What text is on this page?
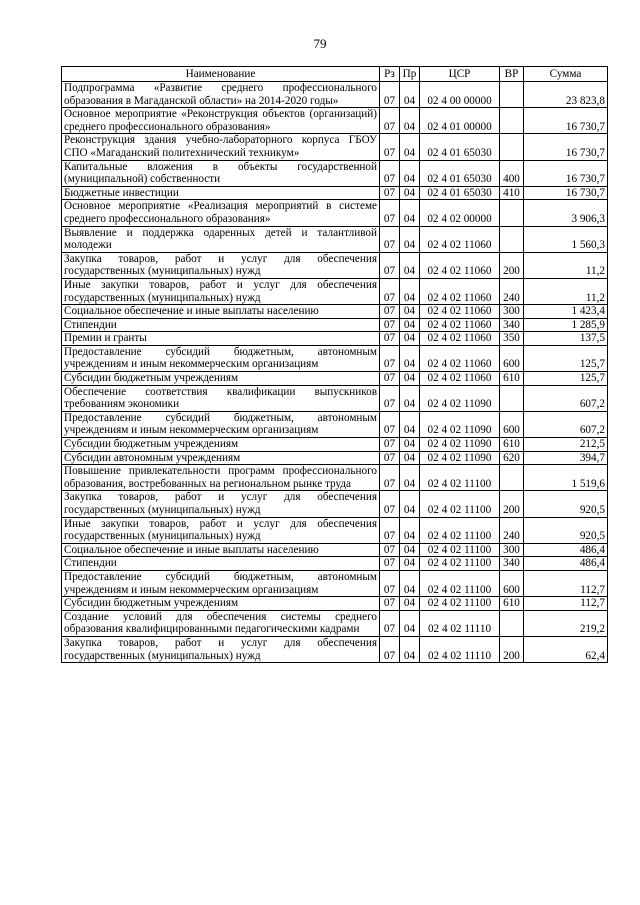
79
Наименование	Рз	Пр	ЦСР	ВР	Сумма
Подпрограмма «Развитие среднего профессионального образования в Магаданской области» на 2014-2020 годы»	07	04	02 4 00 00000		23 823,8
Основное мероприятие «Реконструкция объектов (организаций) среднего профессионального образования»	07	04	02 4 01 00000		16 730,7
Реконструкция здания учебно-лабораторного корпуса ГБОУ СПО «Магаданский политехнический техникум»	07	04	02 4 01 65030		16 730,7
Капитальные вложения в объекты государственной (муниципальной) собственности	07	04	02 4 01 65030	400	16 730,7
Бюджетные инвестиции	07	04	02 4 01 65030	410	16 730,7
Основное мероприятие «Реализация мероприятий в системе среднего профессионального образования»	07	04	02 4 02 00000		3 906,3
Выявление и поддержка одаренных детей и талантливой молодежи	07	04	02 4 02 11060		1 560,3
Закупка товаров, работ и услуг для обеспечения государственных (муниципальных) нужд	07	04	02 4 02 11060	200	11,2
Иные закупки товаров, работ и услуг для обеспечения государственных (муниципальных) нужд	07	04	02 4 02 11060	240	11,2
Социальное обеспечение и иные выплаты населению	07	04	02 4 02 11060	300	1 423,4
Стипендии	07	04	02 4 02 11060	340	1 285,9
Премии и гранты	07	04	02 4 02 11060	350	137,5
Предоставление субсидий бюджетным, автономным учреждениям и иным некоммерческим организациям	07	04	02 4 02 11060	600	125,7
Субсидии бюджетным учреждениям	07	04	02 4 02 11060	610	125,7
Обеспечение соответствия квалификации выпускников требованиям экономики	07	04	02 4 02 11090		607,2
Предоставление субсидий бюджетным, автономным учреждениям и иным некоммерческим организациям	07	04	02 4 02 11090	600	607,2
Субсидии бюджетным учреждениям	07	04	02 4 02 11090	610	212,5
Субсидии автономным учреждениям	07	04	02 4 02 11090	620	394,7
Повышение привлекательности программ профессионального образования, востребованных на региональном рынке труда	07	04	02 4 02 11100		1 519,6
Закупка товаров, работ и услуг для обеспечения государственных (муниципальных) нужд	07	04	02 4 02 11100	200	920,5
Иные закупки товаров, работ и услуг для обеспечения государственных (муниципальных) нужд	07	04	02 4 02 11100	240	920,5
Социальное обеспечение и иные выплаты населению	07	04	02 4 02 11100	300	486,4
Стипендии	07	04	02 4 02 11100	340	486,4
Предоставление субсидий бюджетным, автономным учреждениям и иным некоммерческим организациям	07	04	02 4 02 11100	600	112,7
Субсидии бюджетным учреждениям	07	04	02 4 02 11100	610	112,7
Создание условий для обеспечения системы среднего образования квалифицированными педагогическими кадрами	07	04	02 4 02 11110		219,2
Закупка товаров, работ и услуг для обеспечения государственных (муниципальных) нужд	07	04	02 4 02 11110	200	62,4
